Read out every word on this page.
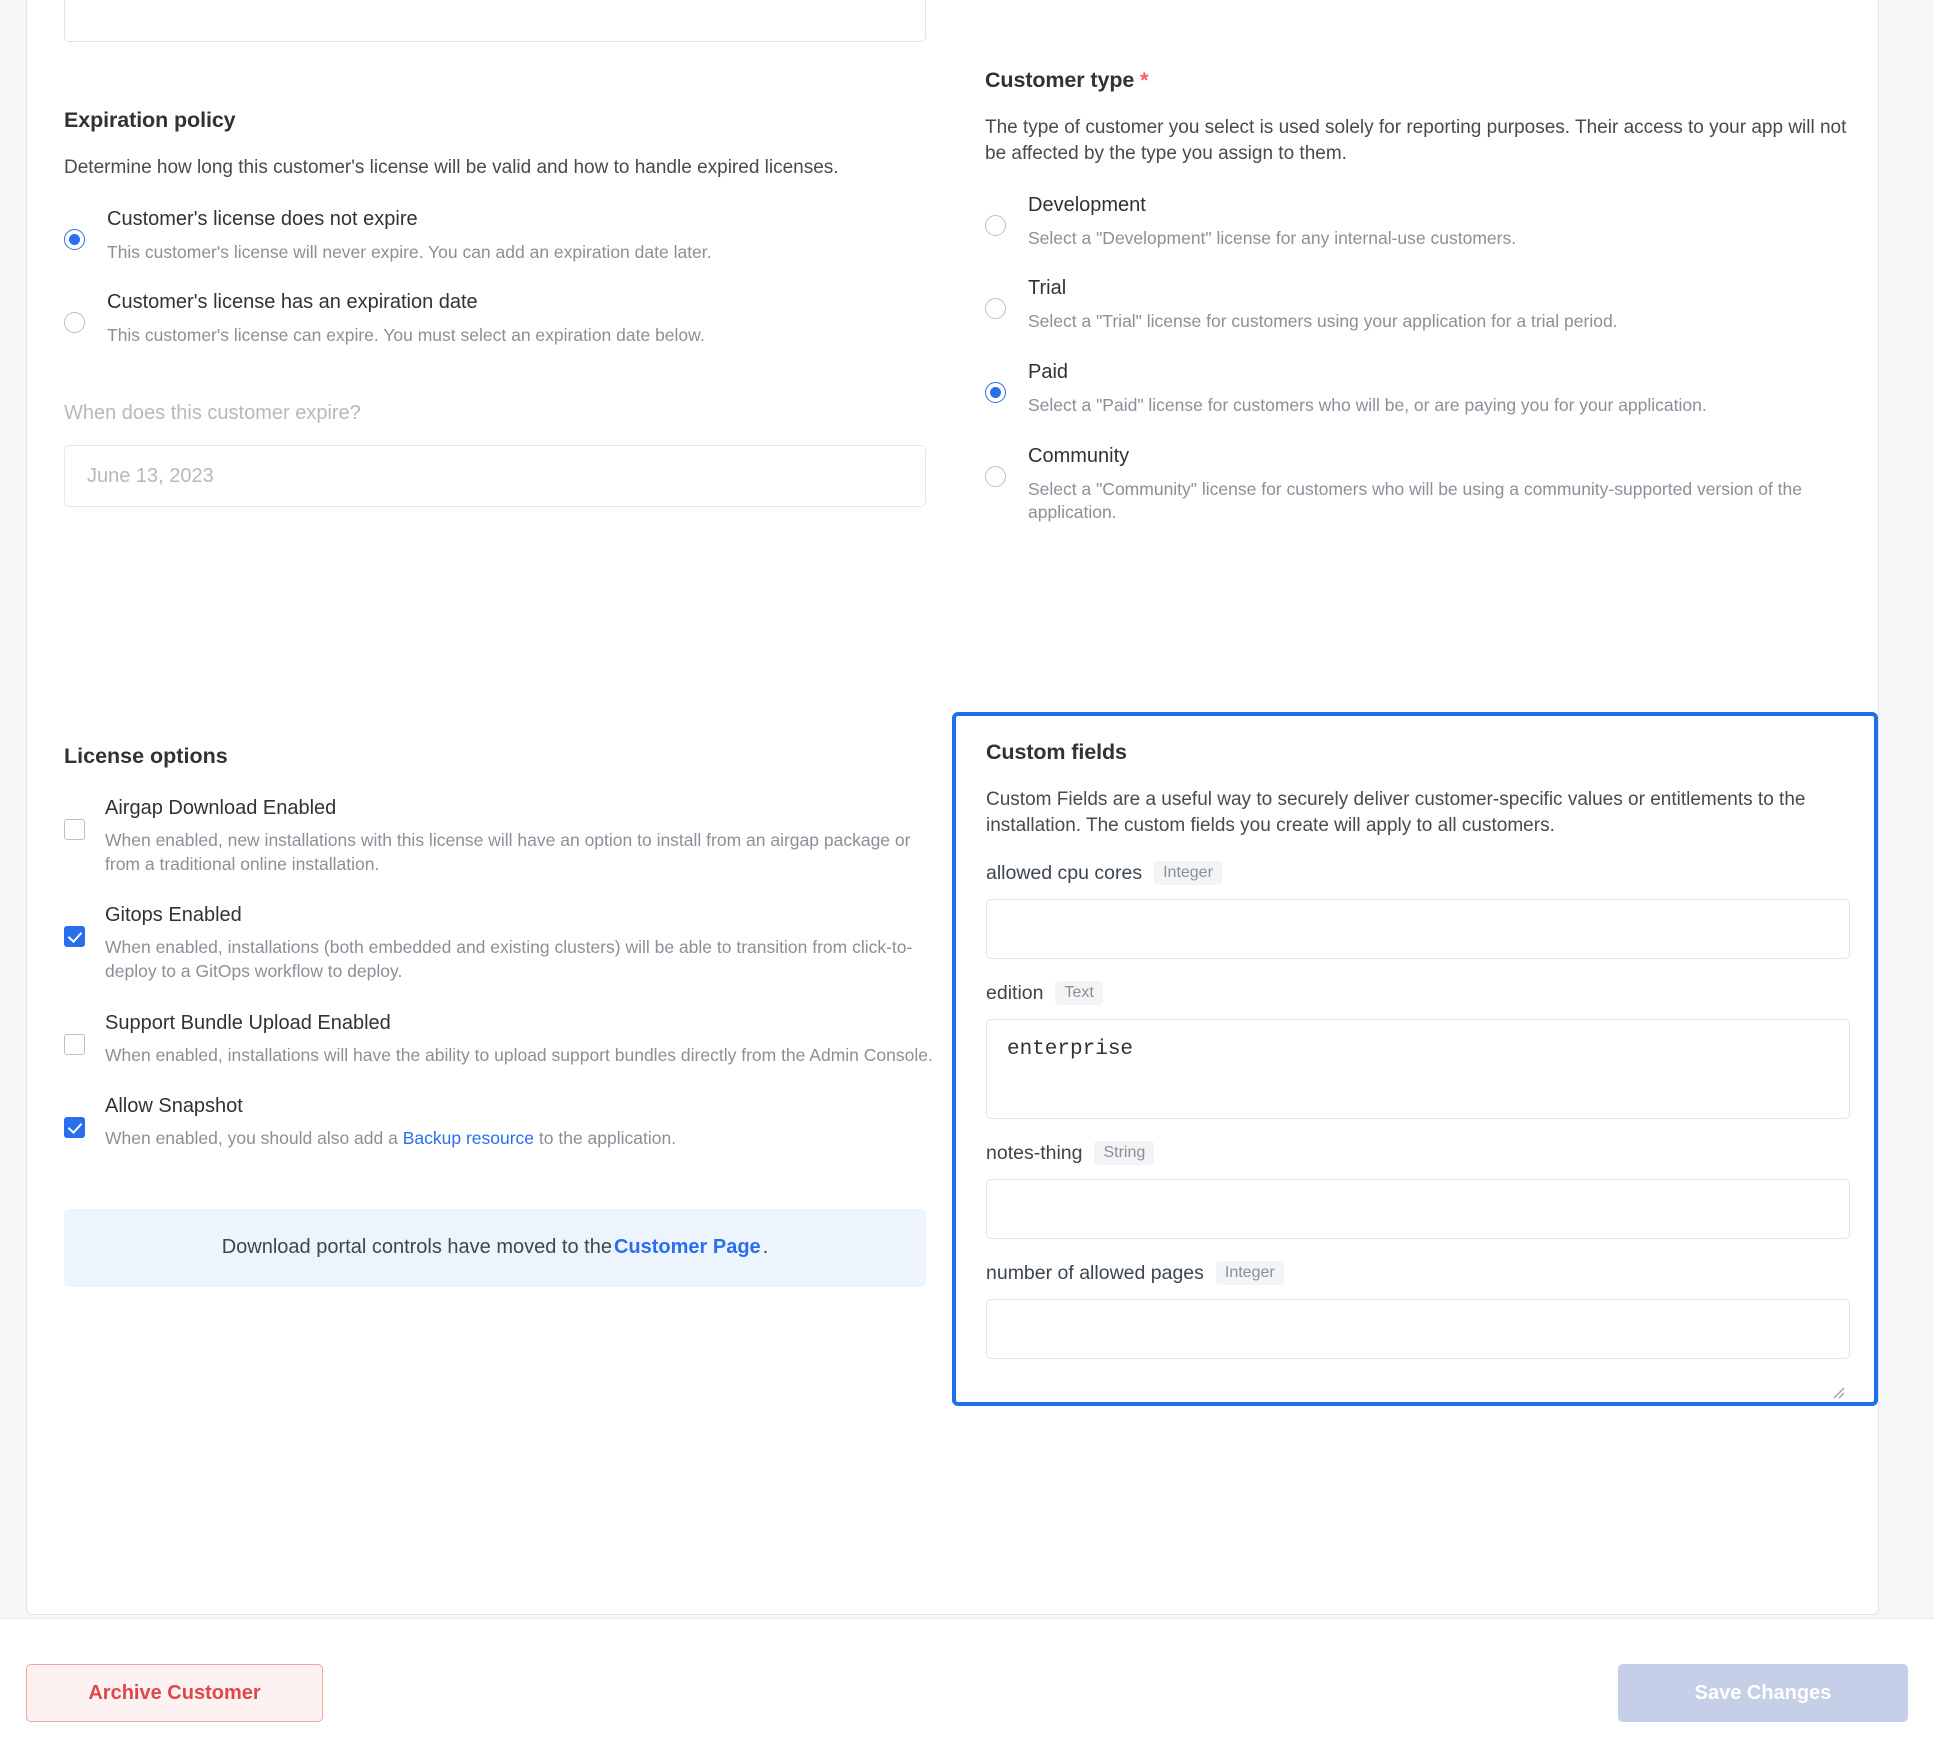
Expiration policy
Determine how long this customer's license will be valid and how to handle expired licenses.
Customer's license does not expire
This customer's license will never expire. You can add an expiration date later.
Customer's license has an expiration date
This customer's license can expire. You must select an expiration date below.
When does this customer expire?
June 13, 2023
License options
Airgap Download Enabled
When enabled, new installations with this license will have an option to install from an airgap package or from a traditional online installation.
Gitops Enabled
When enabled, installations (both embedded and existing clusters) will be able to transition from click-to-deploy to a GitOps workflow to deploy.
Support Bundle Upload Enabled
When enabled, installations will have the ability to upload support bundles directly from the Admin Console.
Allow Snapshot
When enabled, you should also add a Backup resource to the application.
Download portal controls have moved to the Customer Page .
Customer type *
The type of customer you select is used solely for reporting purposes. Their access to your app will not be affected by the type you assign to them.
Development
Select a "Development" license for any internal-use customers.
Trial
Select a "Trial" license for customers using your application for a trial period.
Paid
Select a "Paid" license for customers who will be, or are paying you for your application.
Community
Select a "Community" license for customers who will be using a community-supported version of the application.
Custom fields
Custom Fields are a useful way to securely deliver customer-specific values or entitlements to the installation. The custom fields you create will apply to all customers.
allowed cpu cores	Integer
edition	Text
enterprise
notes-thing	String
number of allowed pages	Integer
Archive Customer	Save Changes
